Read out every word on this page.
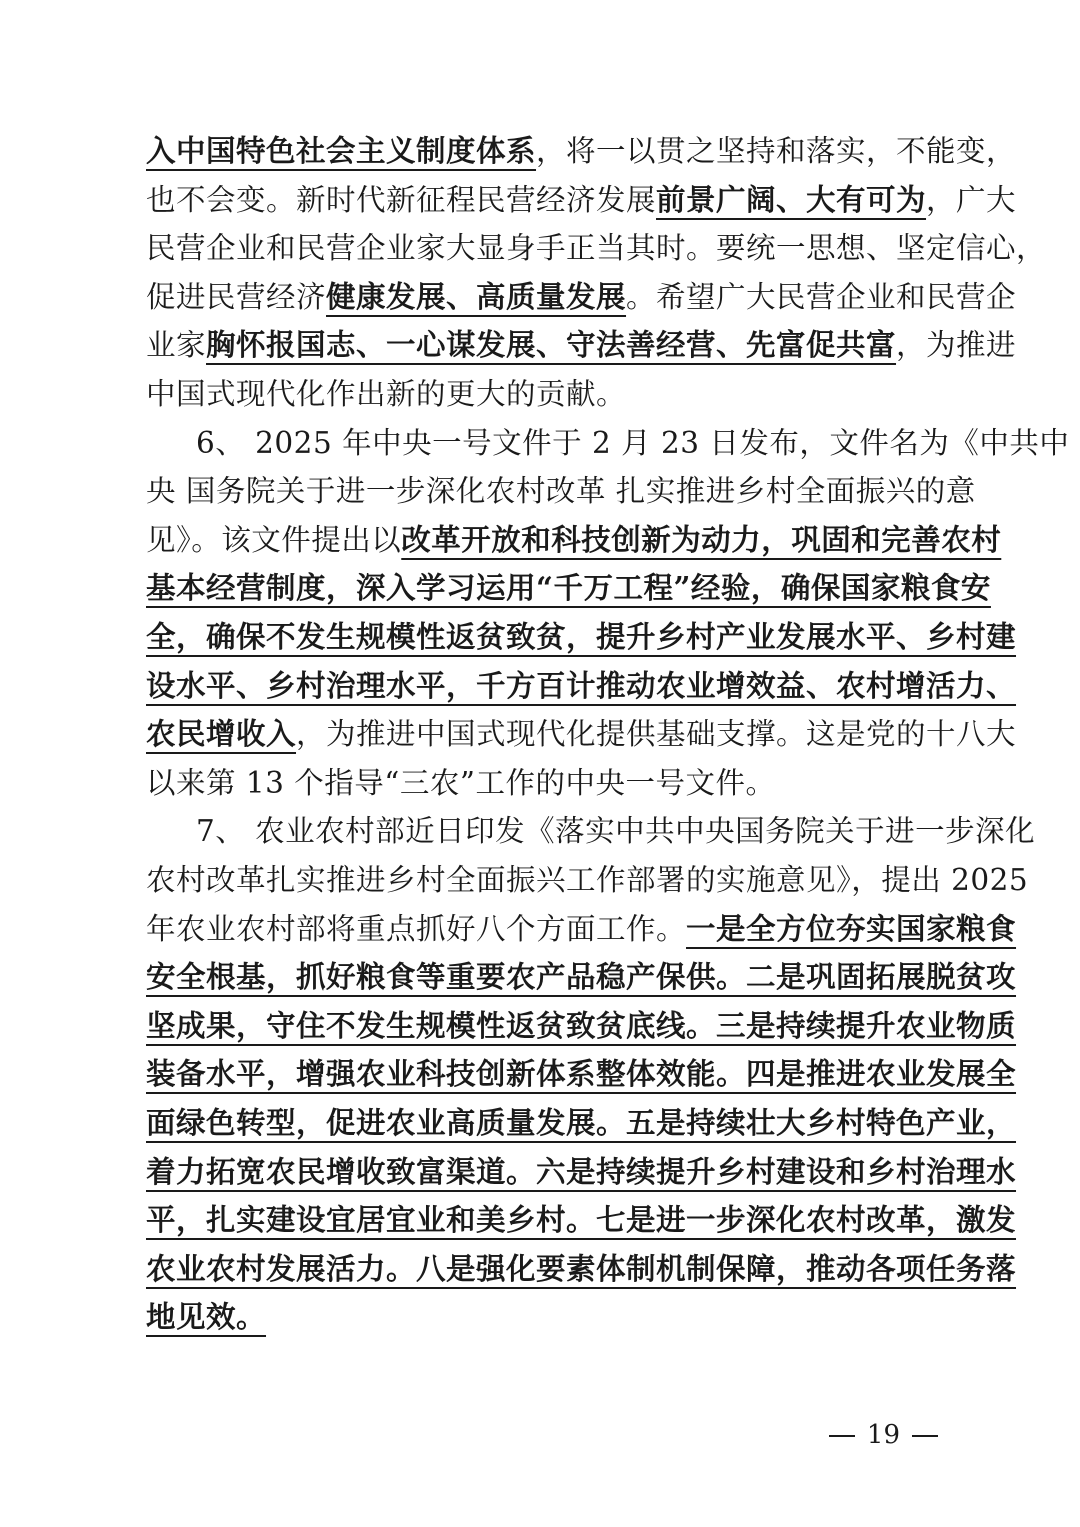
入中国特色社会主义制度体系，将一以贯之坚持和落实，不能变，
也不会变。新时代新征程民营经济发展前景广阔、大有可为，广大
民营企业和民营企业家大显身手正当其时。要统一思想、坚定信心，
促进民营经济健康发展、高质量发展。希望广大民营企业和民营企
业家胸怀报国志、一心谋发展、守法善经营、先富促共富，为推进
中国式现代化作出新的更大的贡献。
6、 2025 年中央一号文件于 2 月 23 日发布，文件名为《中共中
央 国务院关于进一步深化农村改革 扎实推进乡村全面振兴的意
见》。该文件提出以改革开放和科技创新为动力，巩固和完善农村
基本经营制度，深入学习运用“千万工程”经验，确保国家粮食安
全，确保不发生规模性返贫致贫，提升乡村产业发展水平、乡村建
设水平、乡村治理水平，千方百计推动农业增效益、农村增活力、
农民增收入，为推进中国式现代化提供基础支撑。这是党的十八大
以来第 13 个指导“三农”工作的中央一号文件。
7、 农业农村部近日印发《落实中共中央国务院关于进一步深化
农村改革扎实推进乡村全面振兴工作部署的实施意见》，提出 2025
年农业农村部将重点抓好八个方面工作。一是全方位夯实国家粮食
安全根基，抓好粮食等重要农产品稳产保供。二是巩固拓展脱贫攻
坚成果，守住不发生规模性返贫致贫底线。三是持续提升农业物质
装备水平，增强农业科技创新体系整体效能。四是推进农业发展全
面绿色转型，促进农业高质量发展。五是持续壮大乡村特色产业，
着力拓宽农民增收致富渠道。六是持续提升乡村建设和乡村治理水
平，扎实建设宜居宜业和美乡村。七是进一步深化农村改革，激发
农业农村发展活力。八是强化要素体制机制保障，推动各项任务落
地见效。
19
